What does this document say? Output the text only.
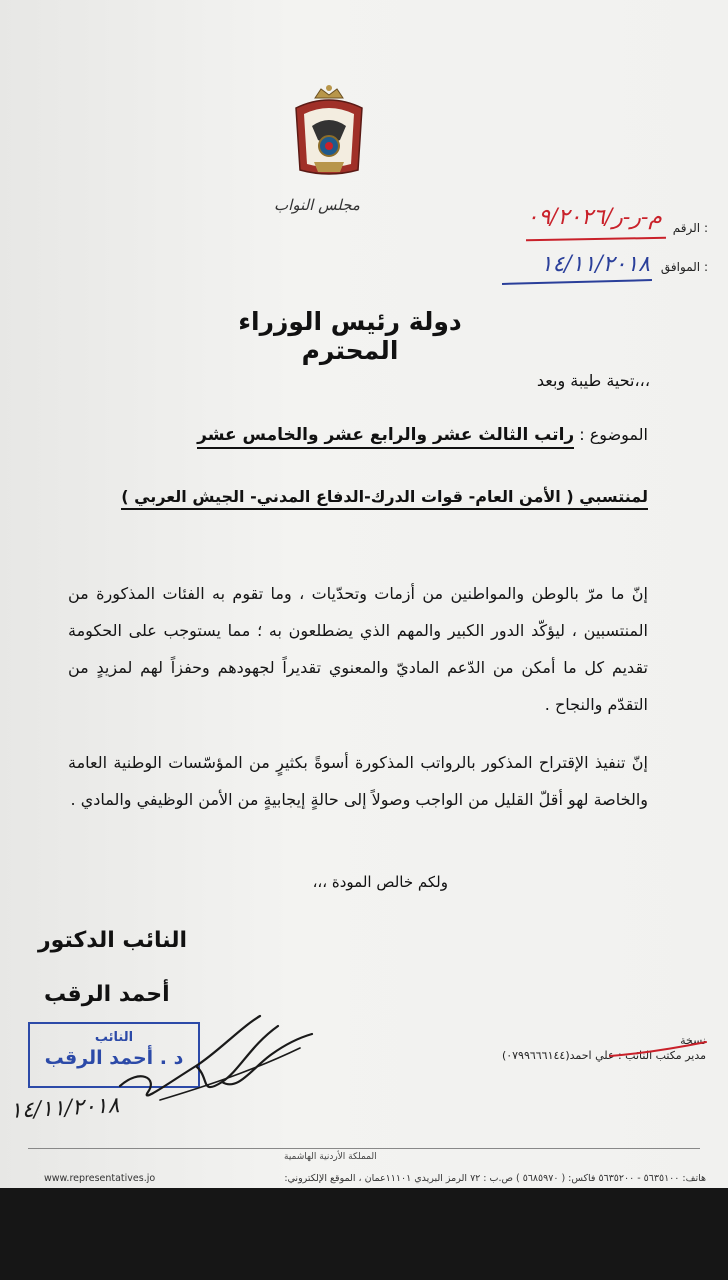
مجلس النواب
الرقم :
م-ر-ر/٠٩/٢٠٢٦
الموافق :
١٤/١١/٢٠١٨
دولة رئيس الوزراء المحترم
تحية طيبة وبعد،،،
الموضوع : راتب الثالث عشر والرابع عشر والخامس عشر
لمنتسبي ( الأمن العام- قوات الدرك-الدفاع المدني- الجيش العربي )
إنّ ما مرّ بالوطن والمواطنين من أزمات وتحدّيات ، وما تقوم به الفئات المذكورة من المنتسبين ، ليؤكّد الدور الكبير والمهم الذي يضطلعون به ؛ مما يستوجب على الحكومة تقديم كل ما أمكن من الدّعم الماديّ والمعنوي تقديراً لجهودهم وحفزاً لهم لمزيدٍ من التقدّم والنجاح .
إنّ تنفيذ الإقتراح المذكور بالرواتب المذكورة أسوةً بكثيرٍ من المؤسّسات الوطنية العامة والخاصة لهو أقلّ القليل من الواجب وصولاً إلى حالةٍ إيجابيةٍ من الأمن الوظيفي والمادي .
ولكم خالص المودة ،،،
النائب الدكتور
أحمد الرقب
النائب
د . أحمد الرقب
١٤/١١/٢٠١٨
نسخة
مدير مكتب النائب : علي احمد(٠٧٩٩٦٦٦١٤٤)
المملكة الأردنية الهاشمية
www.representatives.jo	هاتف: ٥٦٣٥١٠٠ - ٥٦٣٥٢٠٠ فاكس: ( ٥٦٨٥٩٧٠ ) ص.ب : ٧٢ الرمز البريدي ١١١٠١عمان ، الموقع الإلكتروني:
